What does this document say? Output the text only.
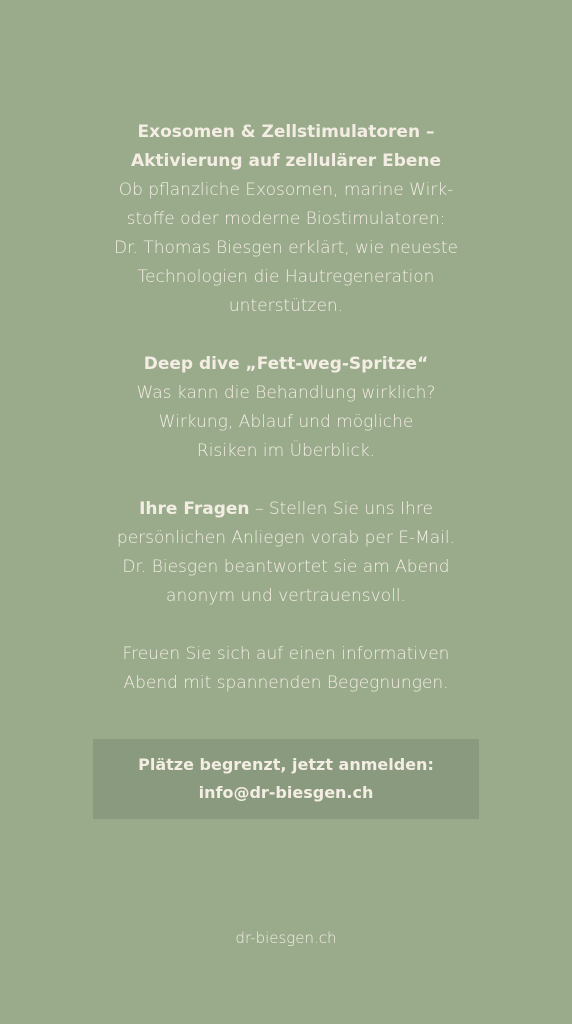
Exosomen & Zellstimulatoren –
Aktivierung auf zellulärer Ebene
Ob pflanzliche Exosomen, marine Wirk-
stoffe oder moderne Biostimulatoren:
Dr. Thomas Biesgen erklärt, wie neueste
Technologien die Hautregeneration
unterstützen.
Deep dive „Fett-weg-Spritze“
Was kann die Behandlung wirklich?
Wirkung, Ablauf und mögliche
Risiken im Überblick.
Ihre Fragen – Stellen Sie uns Ihre
persönlichen Anliegen vorab per E-Mail.
Dr. Biesgen beantwortet sie am Abend
anonym und vertrauensvoll.
Freuen Sie sich auf einen informativen
Abend mit spannenden Begegnungen.
Plätze begrenzt, jetzt anmelden:
info@dr-biesgen.ch
dr-biesgen.ch
